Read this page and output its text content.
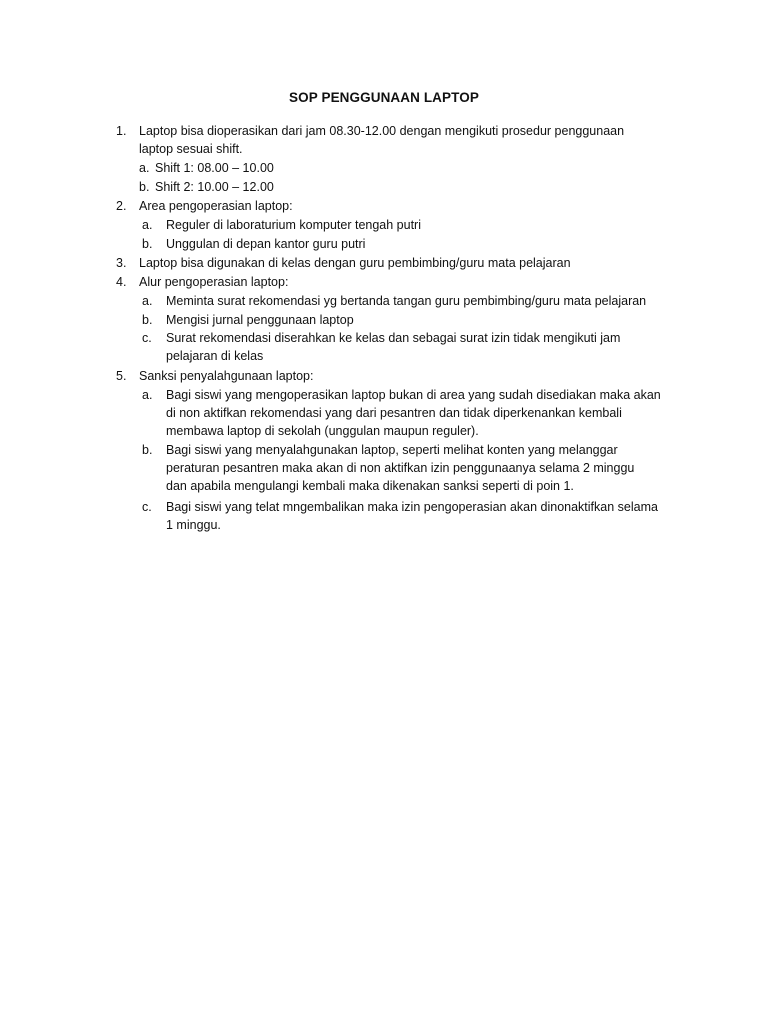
SOP PENGGUNAAN LAPTOP
1. Laptop bisa dioperasikan dari jam 08.30-12.00 dengan mengikuti prosedur penggunaan
laptop sesuai shift.
a. Shift 1: 08.00 – 10.00
b. Shift 2: 10.00 – 12.00
2. Area pengoperasian laptop:
a. Reguler di laboraturium komputer tengah putri
b. Unggulan di depan kantor guru putri
3. Laptop bisa digunakan di kelas dengan guru pembimbing/guru mata pelajaran
4. Alur pengoperasian laptop:
a. Meminta surat rekomendasi yg bertanda tangan guru pembimbing/guru mata pelajaran
b. Mengisi jurnal penggunaan laptop
c. Surat rekomendasi diserahkan ke kelas dan sebagai surat izin tidak mengikuti jam
pelajaran di kelas
5. Sanksi penyalahgunaan laptop:
a. Bagi siswi yang mengoperasikan laptop bukan di area yang sudah disediakan maka akan
di non aktifkan rekomendasi yang dari pesantren dan tidak diperkenankan kembali
membawa laptop di sekolah (unggulan maupun reguler).
b. Bagi siswi yang menyalahgunakan laptop, seperti melihat konten yang melanggar
peraturan pesantren maka akan di non aktifkan izin penggunaanya selama 2 minggu
dan apabila mengulangi kembali maka dikenakan sanksi seperti di poin 1.
c. Bagi siswi yang telat mngembalikan maka izin pengoperasian akan dinonaktifkan selama
1 minggu.
